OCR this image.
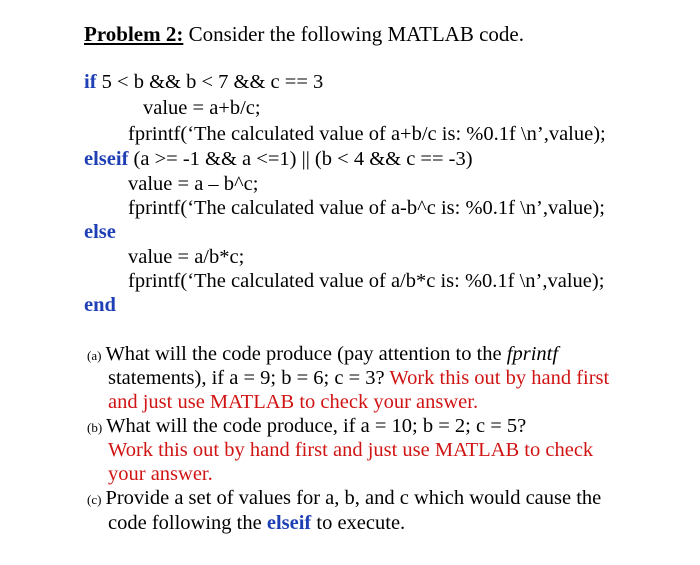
Problem 2: Consider the following MATLAB code.
if 5 < b && b < 7 && c == 3
value = a+b/c;
fprintf(‘The calculated value of a+b/c is: %0.1f \n’,value);
elseif (a >= -1 && a <=1) || (b < 4 && c == -3)
value = a – b^c;
fprintf(‘The calculated value of a-b^c is: %0.1f \n’,value);
else
value = a/b*c;
fprintf(‘The calculated value of a/b*c is: %0.1f \n’,value);
end
(a) What will the code produce (pay attention to the fprintf
statements), if a = 9; b = 6; c = 3? Work this out by hand first
and just use MATLAB to check your answer.
(b) What will the code produce, if a = 10; b = 2; c = 5?
Work this out by hand first and just use MATLAB to check
your answer.
(c) Provide a set of values for a, b, and c which would cause the
code following the elseif to execute.
